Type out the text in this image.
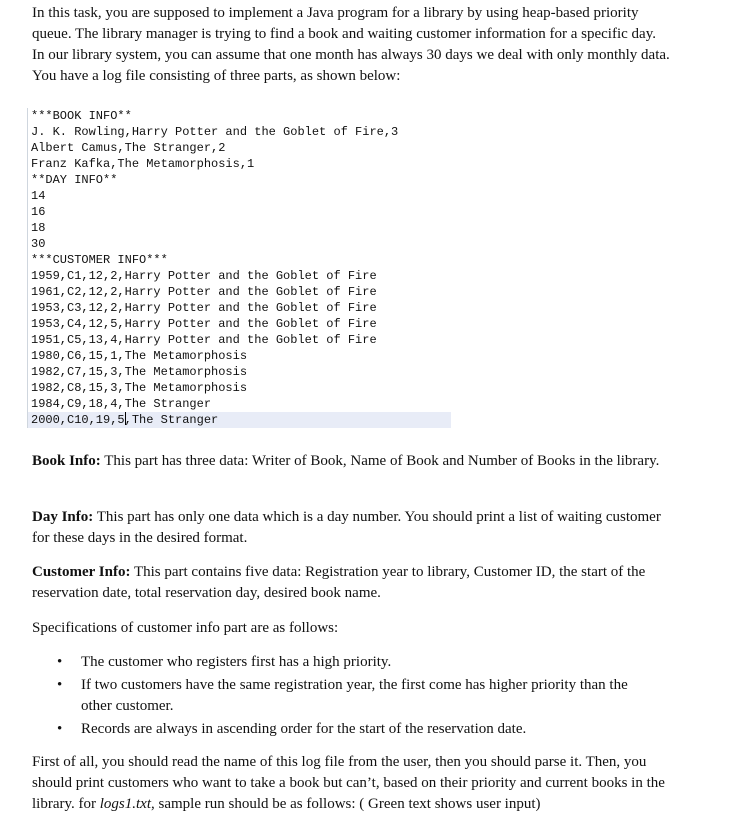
In this task, you are supposed to implement a Java program for a library by using heap-based priority queue. The library manager is trying to find a book and waiting customer information for a specific day. In our library system, you can assume that one month has always 30 days we deal with only monthly data. You have a log file consisting of three parts, as shown below:

***BOOK INFO**
J. K. Rowling,Harry Potter and the Goblet of Fire,3
Albert Camus,The Stranger,2
Franz Kafka,The Metamorphosis,1
**DAY INFO**
14
16
18
30
***CUSTOMER INFO***
1959,C1,12,2,Harry Potter and the Goblet of Fire
1961,C2,12,2,Harry Potter and the Goblet of Fire
1953,C3,12,2,Harry Potter and the Goblet of Fire
1953,C4,12,5,Harry Potter and the Goblet of Fire
1951,C5,13,4,Harry Potter and the Goblet of Fire
1980,C6,15,1,The Metamorphosis
1982,C7,15,3,The Metamorphosis
1982,C8,15,3,The Metamorphosis
1984,C9,18,4,The Stranger
2000,C10,19,5,The Stranger

Book Info: This part has three data: Writer of Book, Name of Book and Number of Books in the library.

Day Info: This part has only one data which is a day number. You should print a list of waiting customer for these days in the desired format.

Customer Info: This part contains five data: Registration year to library, Customer ID, the start of the reservation date, total reservation day, desired book name.

Specifications of customer info part are as follows:

• The customer who registers first has a high priority.
• If two customers have the same registration year, the first come has higher priority than the other customer.
• Records are always in ascending order for the start of the reservation date.

First of all, you should read the name of this log file from the user, then you should parse it. Then, you should print customers who want to take a book but can’t, based on their priority and current books in the library. for logs1.txt, sample run should be as follows: ( Green text shows user input)
